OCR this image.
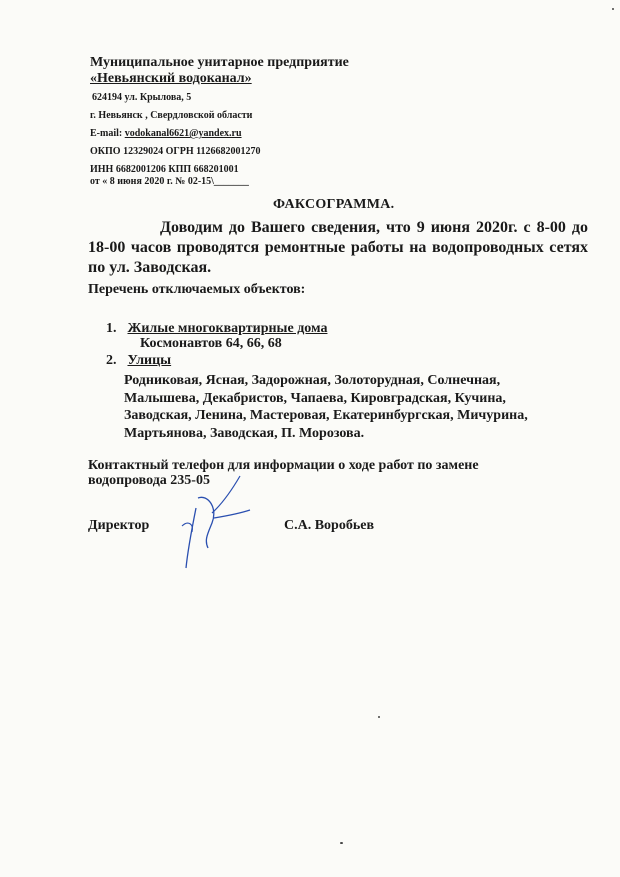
Муниципальное унитарное предприятие
«Невьянский водоканал»
624194 ул. Крылова, 5
г. Невьянск , Свердловской области
E-mail: vodokanal6621@yandex.ru
ОКПО 12329024 ОГРН 1126682001270
ИНН 6682001206 КПП 668201001
от « 8 июня 2020 г. № 02-15\_______
ФАКСОГРАММА.

Доводим до Вашего сведения, что 9 июня 2020г. с 8-00 до 18-00 часов проводятся ремонтные работы на водопроводных сетях по ул. Заводская.

Перечень отключаемых объектов:
1. Жилые многоквартирные дома
Космонавтов 64, 66, 68
2. Улицы
Родниковая, Ясная, Задорожная, Золоторудная, Солнечная, Малышева, Декабристов, Чапаева, Кировградская, Кучина, Заводская, Ленина, Мастеровая, Екатеринбургская, Мичурина, Мартьянова, Заводская, П. Морозова.
Контактный телефон для информации о ходе работ по замене водопровода 235-05
Директор	С.А. Воробьев
